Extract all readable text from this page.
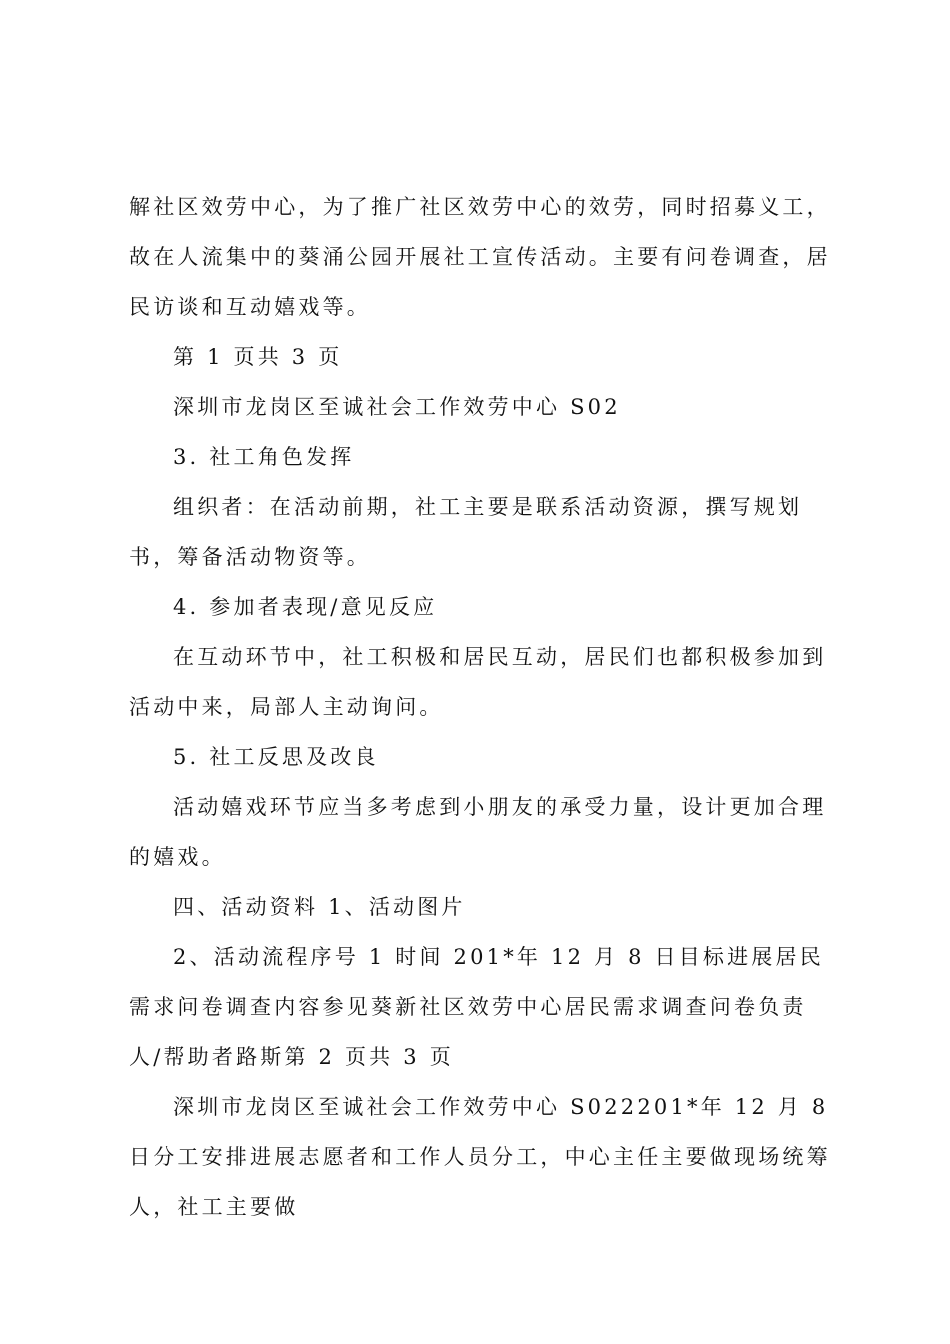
解社区效劳中心，为了推广社区效劳中心的效劳，同时招募义工，故在人流集中的葵涌公园开展社工宣传活动。主要有问卷调查，居民访谈和互动嬉戏等。

第 1 页共 3 页

深圳市龙岗区至诚社会工作效劳中心 S02

3. 社工角色发挥

组织者：在活动前期，社工主要是联系活动资源，撰写规划书，筹备活动物资等。

4. 参加者表现/意见反应

在互动环节中，社工积极和居民互动，居民们也都积极参加到活动中来，局部人主动询问。

5. 社工反思及改良

活动嬉戏环节应当多考虑到小朋友的承受力量，设计更加合理的嬉戏。

四、活动资料 1、活动图片

2、活动流程序号 1 时间 201*年 12 月 8 日目标进展居民需求问卷调查内容参见葵新社区效劳中心居民需求调查问卷负责人/帮助者路斯第 2 页共 3 页

深圳市龙岗区至诚社会工作效劳中心 S022201*年 12 月 8 日分工安排进展志愿者和工作人员分工，中心主任主要做现场统筹人，社工主要做
